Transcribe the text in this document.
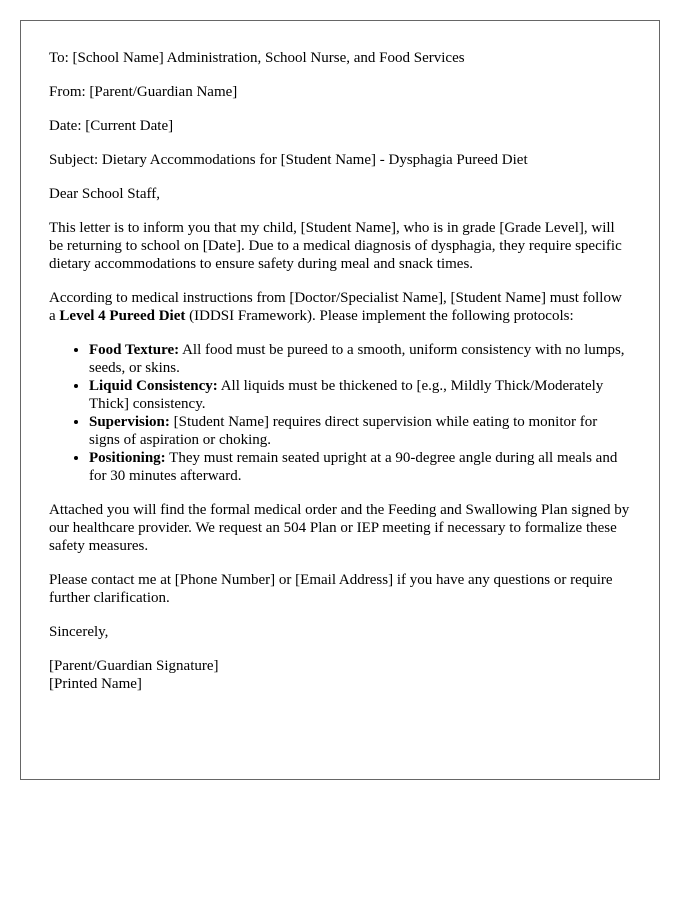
To: [School Name] Administration, School Nurse, and Food Services

From: [Parent/Guardian Name]

Date: [Current Date]

Subject: Dietary Accommodations for [Student Name] - Dysphagia Pureed Diet

Dear School Staff,

This letter is to inform you that my child, [Student Name], who is in grade [Grade Level], will be returning to school on [Date]. Due to a medical diagnosis of dysphagia, they require specific dietary accommodations to ensure safety during meal and snack times.

According to medical instructions from [Doctor/Specialist Name], [Student Name] must follow a Level 4 Pureed Diet (IDDSI Framework). Please implement the following protocols:

• Food Texture: All food must be pureed to a smooth, uniform consistency with no lumps, seeds, or skins.
• Liquid Consistency: All liquids must be thickened to [e.g., Mildly Thick/Moderately Thick] consistency.
• Supervision: [Student Name] requires direct supervision while eating to monitor for signs of aspiration or choking.
• Positioning: They must remain seated upright at a 90-degree angle during all meals and for 30 minutes afterward.

Attached you will find the formal medical order and the Feeding and Swallowing Plan signed by our healthcare provider. We request an 504 Plan or IEP meeting if necessary to formalize these safety measures.

Please contact me at [Phone Number] or [Email Address] if you have any questions or require further clarification.

Sincerely,

[Parent/Guardian Signature]
[Printed Name]
